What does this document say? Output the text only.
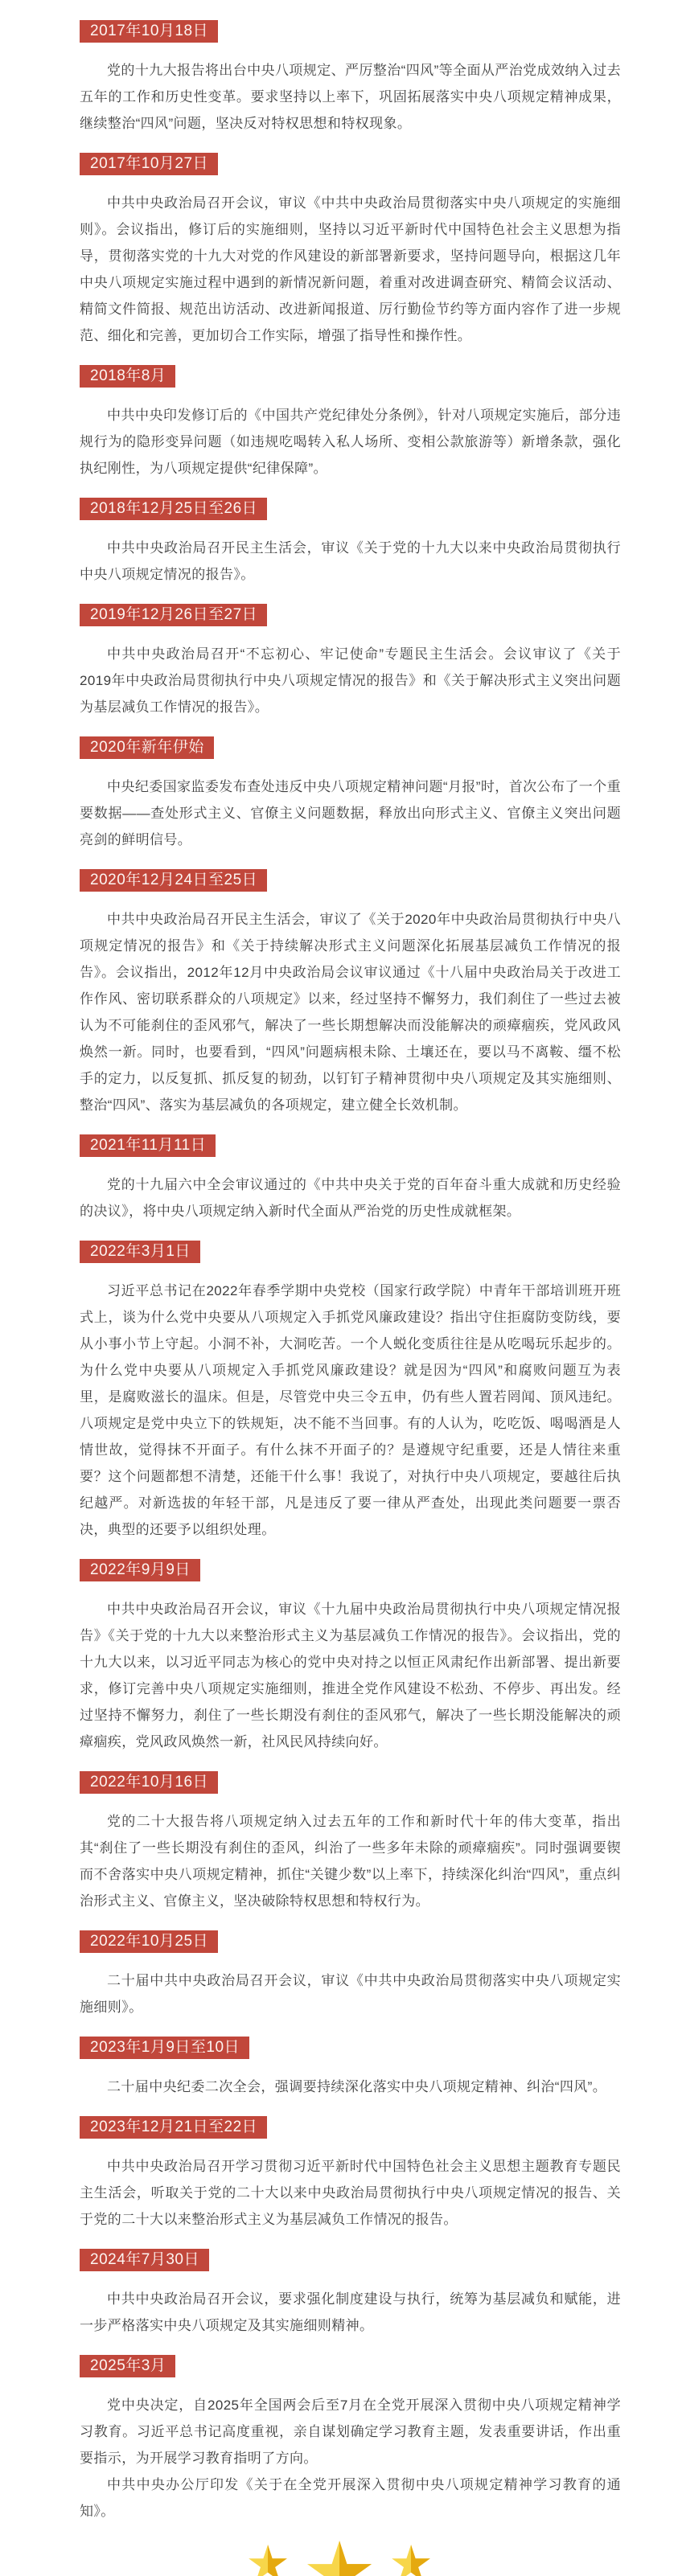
2017年10月18日

党的十九大报告将出台中央八项规定、严厉整治“四风”等全面从严治党成效纳入过去五年的工作和历史性变革。要求坚持以上率下，巩固拓展落实中央八项规定精神成果，继续整治“四风”问题，坚决反对特权思想和特权现象。

2017年10月27日

中共中央政治局召开会议，审议《中共中央政治局贯彻落实中央八项规定的实施细则》。会议指出，修订后的实施细则，坚持以习近平新时代中国特色社会主义思想为指导，贯彻落实党的十九大对党的作风建设的新部署新要求，坚持问题导向，根据这几年中央八项规定实施过程中遇到的新情况新问题，着重对改进调查研究、精简会议活动、精简文件简报、规范出访活动、改进新闻报道、厉行勤俭节约等方面内容作了进一步规范、细化和完善，更加切合工作实际，增强了指导性和操作性。

2018年8月

中共中央印发修订后的《中国共产党纪律处分条例》，针对八项规定实施后，部分违规行为的隐形变异问题（如违规吃喝转入私人场所、变相公款旅游等）新增条款，强化执纪刚性，为八项规定提供“纪律保障”。

2018年12月25日至26日

中共中央政治局召开民主生活会，审议《关于党的十九大以来中央政治局贯彻执行中央八项规定情况的报告》。

2019年12月26日至27日

中共中央政治局召开“不忘初心、牢记使命”专题民主生活会。会议审议了《关于2019年中央政治局贯彻执行中央八项规定情况的报告》和《关于解决形式主义突出问题为基层减负工作情况的报告》。

2020年新年伊始

中央纪委国家监委发布查处违反中央八项规定精神问题“月报”时，首次公布了一个重要数据——查处形式主义、官僚主义问题数据，释放出向形式主义、官僚主义突出问题亮剑的鲜明信号。

2020年12月24日至25日

中共中央政治局召开民主生活会，审议了《关于2020年中央政治局贯彻执行中央八项规定情况的报告》和《关于持续解决形式主义问题深化拓展基层减负工作情况的报告》。会议指出，2012年12月中央政治局会议审议通过《十八届中央政治局关于改进工作作风、密切联系群众的八项规定》以来，经过坚持不懈努力，我们刹住了一些过去被认为不可能刹住的歪风邪气，解决了一些长期想解决而没能解决的顽瘴痼疾，党风政风焕然一新。同时，也要看到，“四风”问题病根未除、土壤还在，要以马不离鞍、缰不松手的定力，以反复抓、抓反复的韧劲，以钉钉子精神贯彻中央八项规定及其实施细则、整治“四风”、落实为基层减负的各项规定，建立健全长效机制。

2021年11月11日

党的十九届六中全会审议通过的《中共中央关于党的百年奋斗重大成就和历史经验的决议》，将中央八项规定纳入新时代全面从严治党的历史性成就框架。

2022年3月1日

习近平总书记在2022年春季学期中央党校（国家行政学院）中青年干部培训班开班式上，谈为什么党中央要从八项规定入手抓党风廉政建设？指出守住拒腐防变防线，要从小事小节上守起。小洞不补，大洞吃苦。一个人蜕化变质往往是从吃喝玩乐起步的。为什么党中央要从八项规定入手抓党风廉政建设？就是因为“四风”和腐败问题互为表里，是腐败滋长的温床。但是，尽管党中央三令五申，仍有些人置若罔闻、顶风违纪。八项规定是党中央立下的铁规矩，决不能不当回事。有的人认为，吃吃饭、喝喝酒是人情世故，觉得抹不开面子。有什么抹不开面子的？是遵规守纪重要，还是人情往来重要？这个问题都想不清楚，还能干什么事！我说了，对执行中央八项规定，要越往后执纪越严。对新选拔的年轻干部，凡是违反了要一律从严查处，出现此类问题要一票否决，典型的还要予以组织处理。

2022年9月9日

中共中央政治局召开会议，审议《十九届中央政治局贯彻执行中央八项规定情况报告》《关于党的十九大以来整治形式主义为基层减负工作情况的报告》。会议指出，党的十九大以来，以习近平同志为核心的党中央对持之以恒正风肃纪作出新部署、提出新要求，修订完善中央八项规定实施细则，推进全党作风建设不松劲、不停步、再出发。经过坚持不懈努力，刹住了一些长期没有刹住的歪风邪气，解决了一些长期没能解决的顽瘴痼疾，党风政风焕然一新，社风民风持续向好。

2022年10月16日

党的二十大报告将八项规定纳入过去五年的工作和新时代十年的伟大变革，指出其“刹住了一些长期没有刹住的歪风，纠治了一些多年未除的顽瘴痼疾”。同时强调要锲而不舍落实中央八项规定精神，抓住“关键少数”以上率下，持续深化纠治“四风”，重点纠治形式主义、官僚主义，坚决破除特权思想和特权行为。

2022年10月25日

二十届中共中央政治局召开会议，审议《中共中央政治局贯彻落实中央八项规定实施细则》。

2023年1月9日至10日

二十届中央纪委二次全会，强调要持续深化落实中央八项规定精神、纠治“四风”。

2023年12月21日至22日

中共中央政治局召开学习贯彻习近平新时代中国特色社会主义思想主题教育专题民主生活会，听取关于党的二十大以来中央政治局贯彻执行中央八项规定情况的报告、关于党的二十大以来整治形式主义为基层减负工作情况的报告。

2024年7月30日

中共中央政治局召开会议，要求强化制度建设与执行，统筹为基层减负和赋能，进一步严格落实中央八项规定及其实施细则精神。

2025年3月

党中央决定，自2025年全国两会后至7月在全党开展深入贯彻中央八项规定精神学习教育。习近平总书记高度重视，亲自谋划确定学习教育主题，发表重要讲话，作出重要指示，为开展学习教育指明了方向。

中共中央办公厅印发《关于在全党开展深入贯彻中央八项规定精神学习教育的通知》。
